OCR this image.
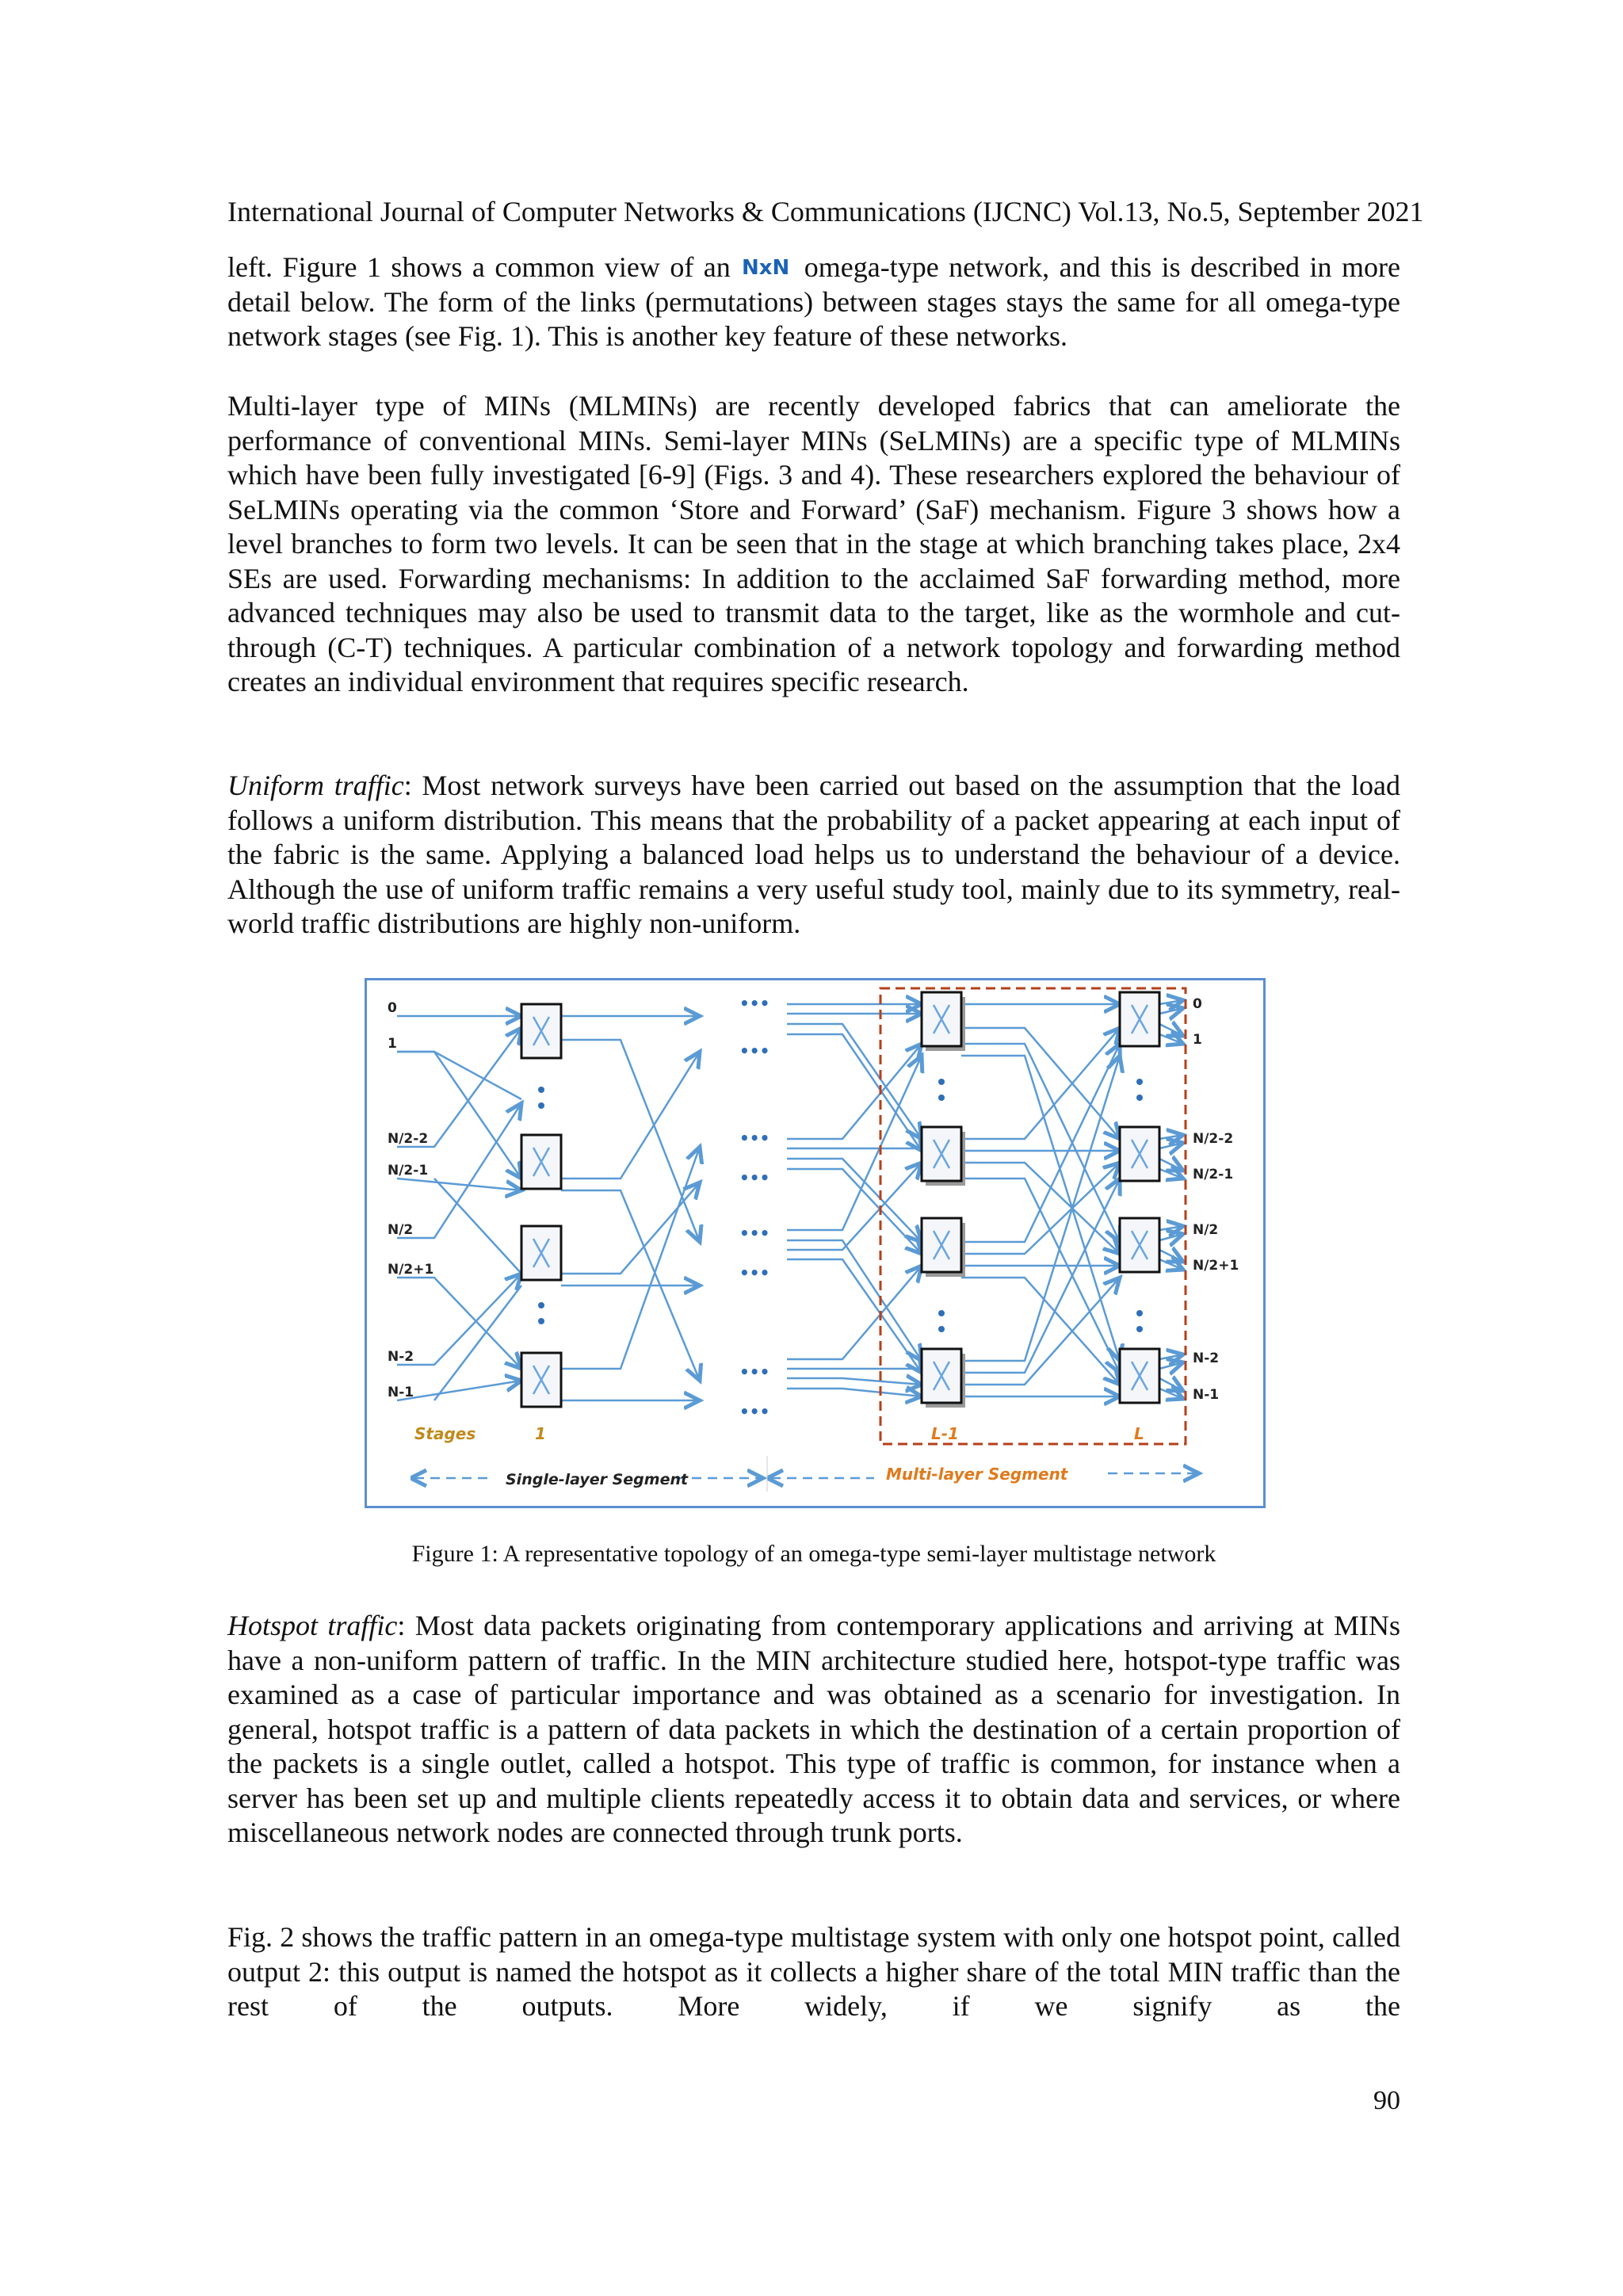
International Journal of Computer Networks & Communications (IJCNC) Vol.13, No.5, September 2021

left. Figure 1 shows a common view of an NxN omega-type network, and this is described in more detail below. The form of the links (permutations) between stages stays the same for all omega-type network stages (see Fig. 1). This is another key feature of these networks.

Multi-layer type of MINs (MLMINs) are recently developed fabrics that can ameliorate the performance of conventional MINs. Semi-layer MINs (SeLMINs) are a specific type of MLMINs which have been fully investigated [6-9] (Figs. 3 and 4). These researchers explored the behaviour of SeLMINs operating via the common ‘Store and Forward’ (SaF) mechanism. Figure 3 shows how a level branches to form two levels. It can be seen that in the stage at which branching takes place, 2x4 SEs are used. Forwarding mechanisms: In addition to the acclaimed SaF forwarding method, more advanced techniques may also be used to transmit data to the target, like as the wormhole and cut-through (C-T) techniques. A particular combination of a network topology and forwarding method creates an individual environment that requires specific research.

Uniform traffic: Most network surveys have been carried out based on the assumption that the load follows a uniform distribution. This means that the probability of a packet appearing at each input of the fabric is the same. Applying a balanced load helps us to understand the behaviour of a device. Although the use of uniform traffic remains a very useful study tool, mainly due to its symmetry, real-world traffic distributions are highly non-uniform.

•••
•••
•••
•••
•••
•••
•••
•••
0
1
N/2-2
N/2-1
N/2
N/2+1
N-2
N-1
0
1
N/2-2
N/2-1
N/2
N/2+1
N-2
N-1
Stages	1	L-1	L
Single-layer Segment	Multi-layer Segment
Figure 1: A representative topology of an omega-type semi-layer multistage network

Hotspot traffic: Most data packets originating from contemporary applications and arriving at MINs have a non-uniform pattern of traffic. In the MIN architecture studied here, hotspot-type traffic was examined as a case of particular importance and was obtained as a scenario for investigation. In general, hotspot traffic is a pattern of data packets in which the destination of a certain proportion of the packets is a single outlet, called a hotspot. This type of traffic is common, for instance when a server has been set up and multiple clients repeatedly access it to obtain data and services, or where miscellaneous network nodes are connected through trunk ports.

Fig. 2 shows the traffic pattern in an omega-type multistage system with only one hotspot point, called output 2: this output is named the hotspot as it collects a higher share of the total MIN traffic than the rest of the outputs. More widely, if we signify as the

90
